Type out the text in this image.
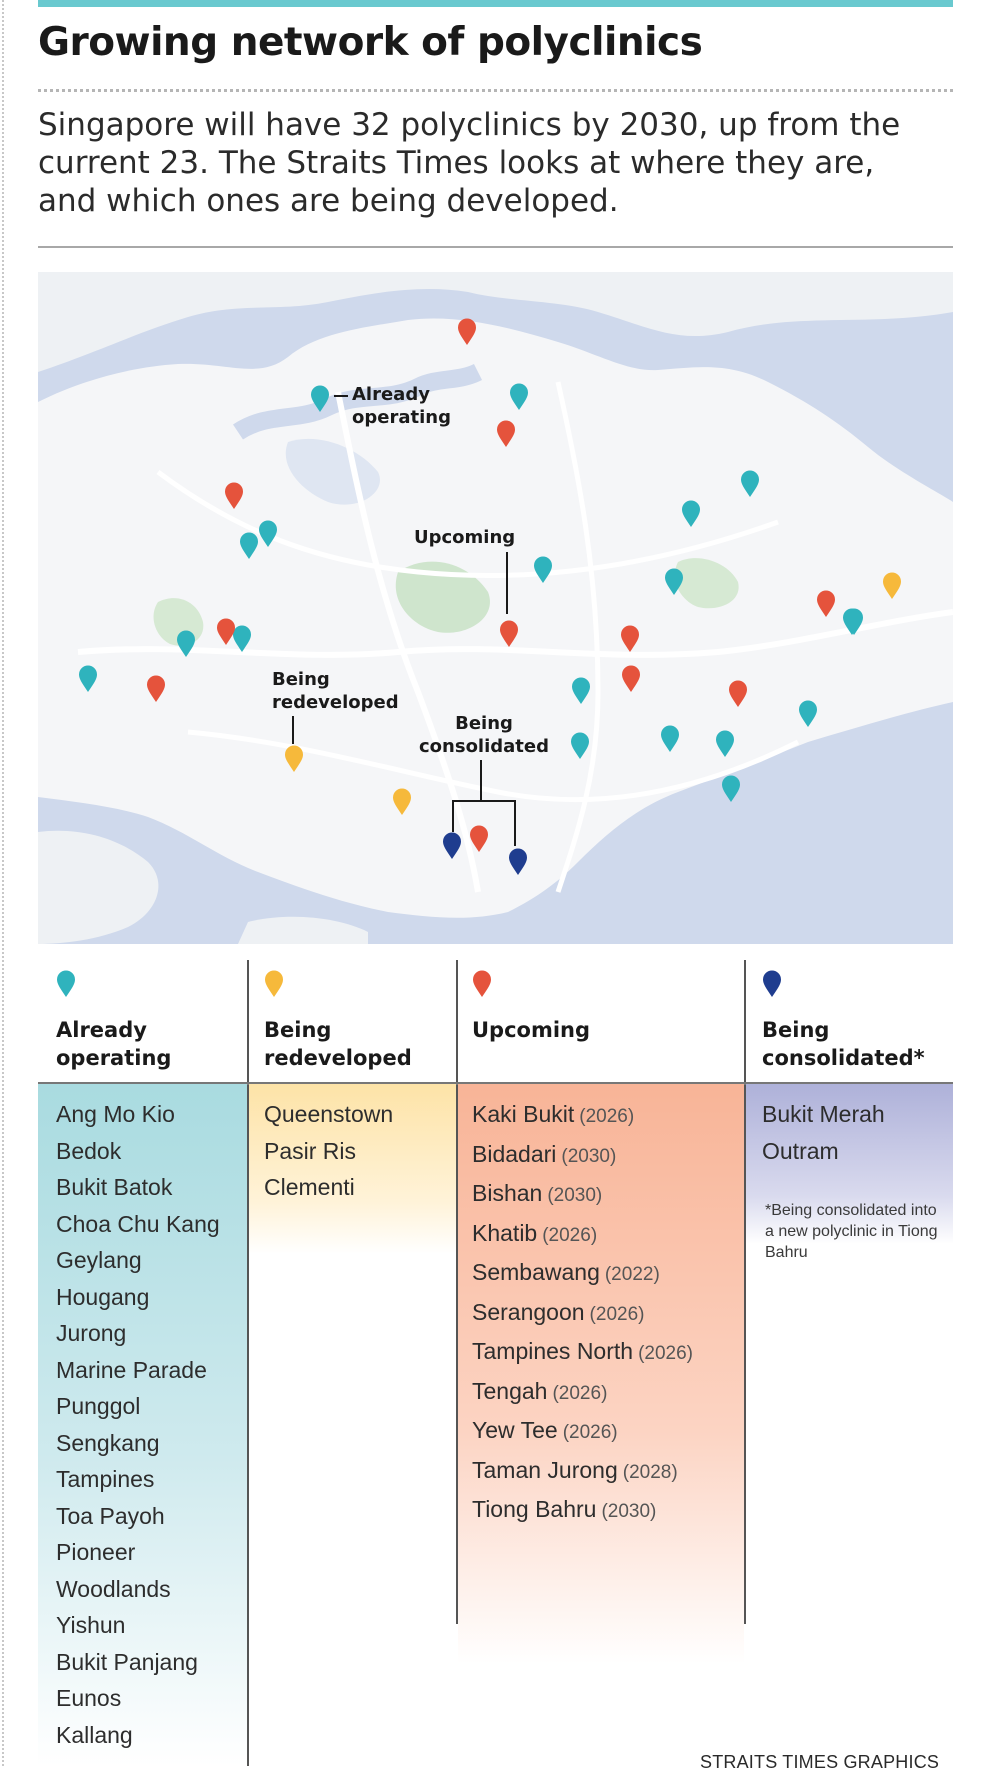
Growing network of polyclinics

Singapore will have 32 polyclinics by 2030, up from the current 23. The Straits Times looks at where they are, and which ones are being developed.

Already operating

Upcoming

Being redeveloped

Being consolidated

Already operating

Being redeveloped

Upcoming	Being consolidated*

Ang Mo Kio
Bedok
Bukit Batok
Choa Chu Kang
Geylang
Hougang
Jurong
Marine Parade
Punggol
Sengkang
Tampines
Toa Payoh
Pioneer
Woodlands
Yishun
Bukit Panjang
Eunos
Kallang
Queenstown
Pasir Ris
Clementi
Kaki Bukit (2026)
Bidadari (2030)
Bishan (2030)
Khatib (2026)
Sembawang (2022)
Serangoon (2026)
Tampines North (2026)
Tengah (2026)
Yew Tee (2026)
Taman Jurong (2028)
Tiong Bahru (2030)
Bukit Merah
Outram

*Being consolidated into a new polyclinic in Tiong Bahru

STRAITS TIMES GRAPHICS
